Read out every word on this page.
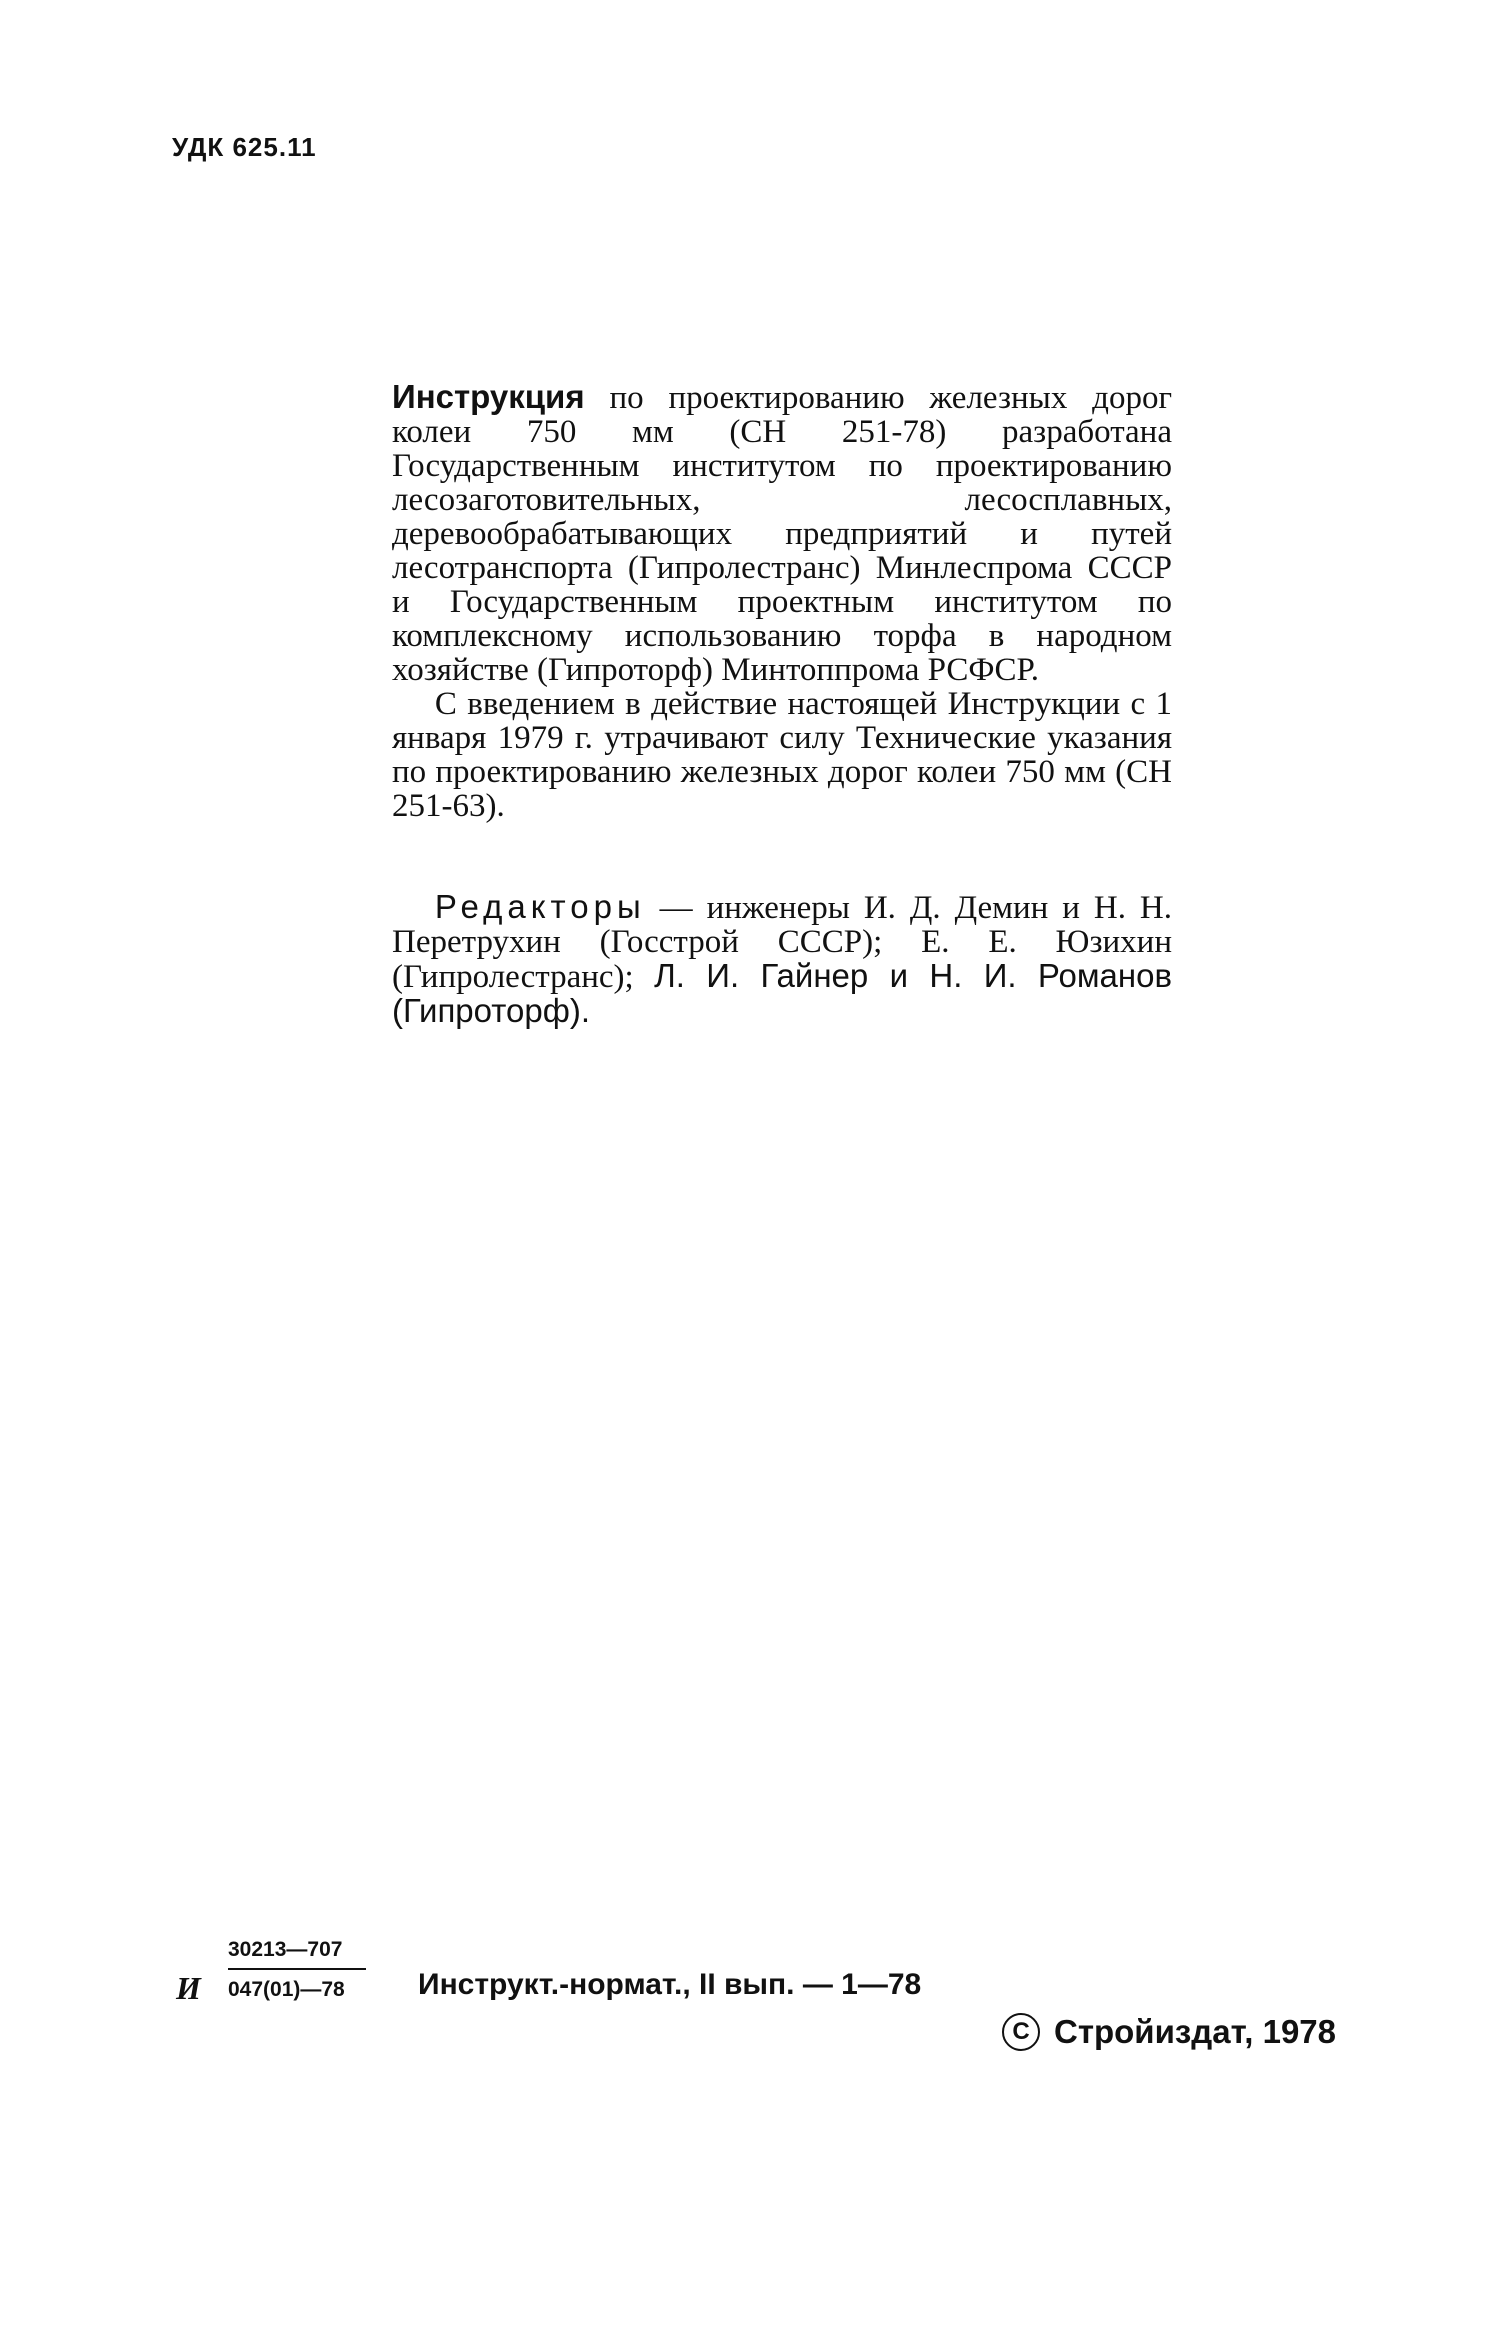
УДК 625.11

Инструкция по проектированию железных дорог колеи 750 мм (СН 251-78) разработана Государственным институтом по проектированию лесозаготовительных, лесосплавных, деревообрабатывающих предприятий и путей лесотранспорта (Гипролестранс) Минлеспрома СССР и Государственным проектным институтом по комплексному использованию торфа в народном хозяйстве (Гипроторф) Минтоппрома РСФСР.

С введением в действие настоящей Инструкции с 1 января 1979 г. утрачивают силу Технические указания по проектированию железных дорог колеи 750 мм (СН 251-63).

Редакторы — инженеры И. Д. Демин и Н. Н. Перетрухин (Госстрой СССР); Е. Е. Юзихин (Гипролестранс); Л. И. Гайнер и Н. И. Романов (Гипроторф).

И
30213—707
047(01)—78	Инструкт.-нормат., II вып. — 1—78
C Стройиздат, 1978
